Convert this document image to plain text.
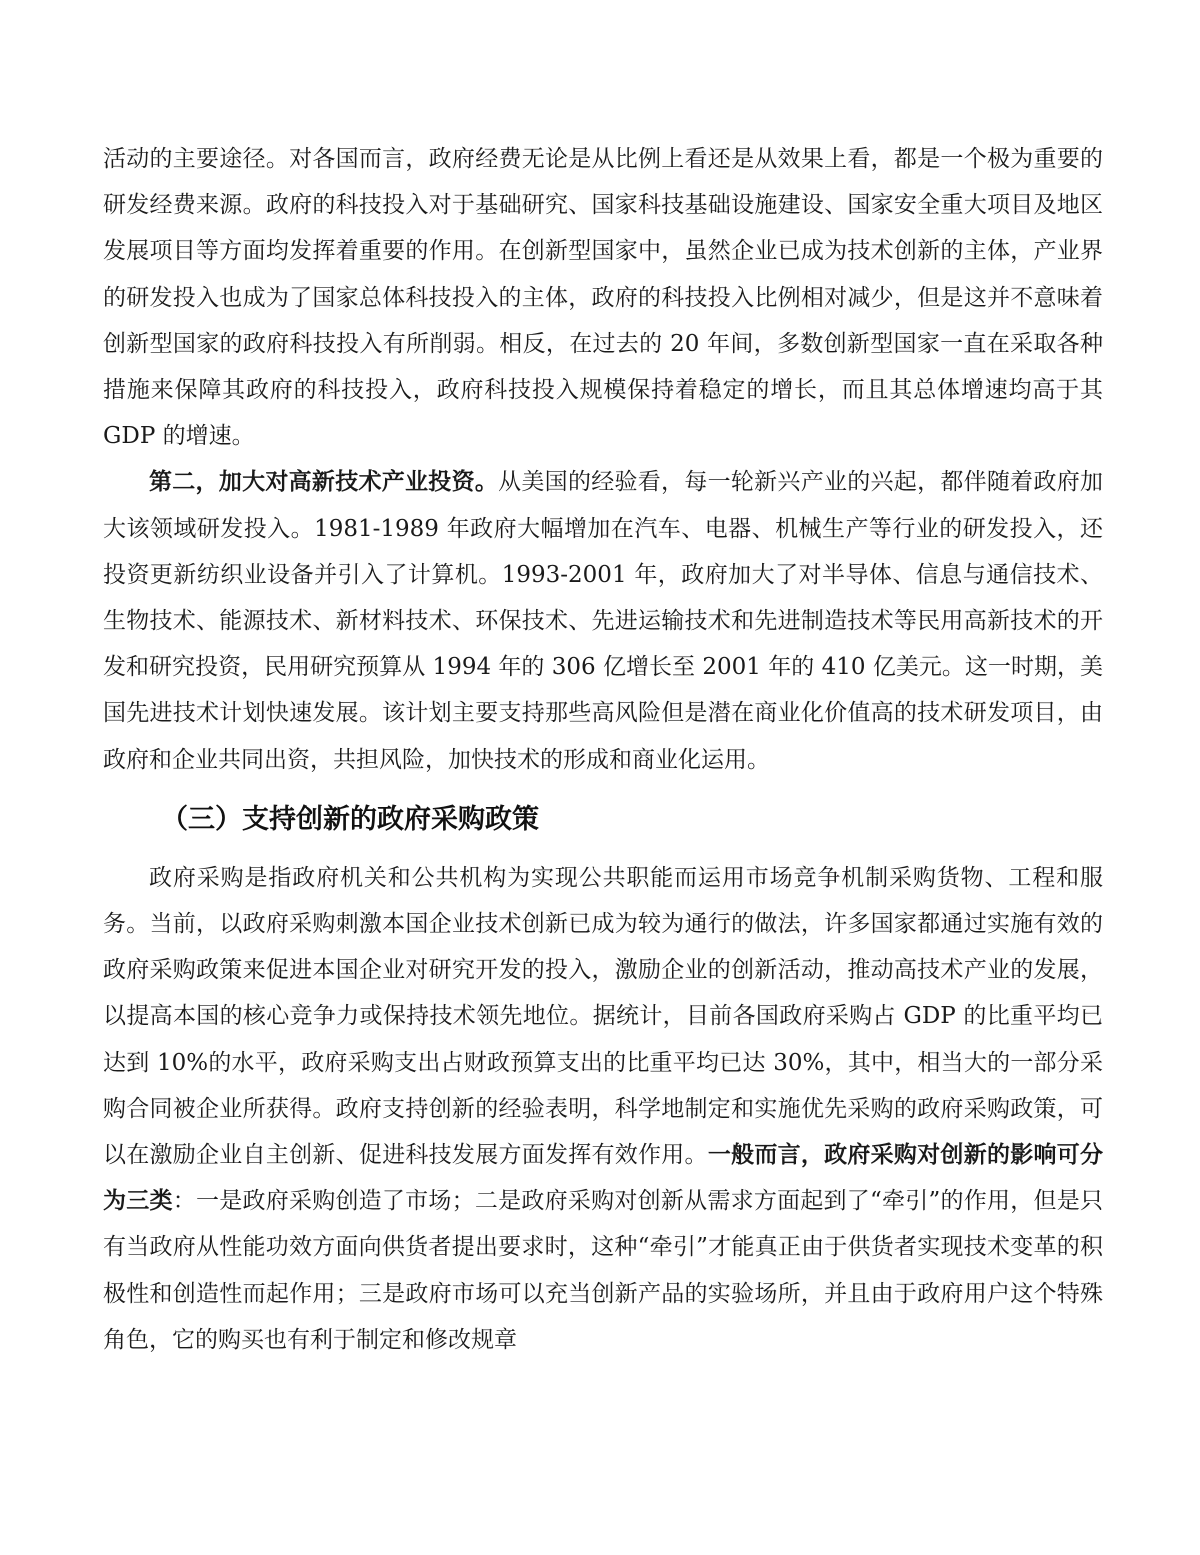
活动的主要途径。对各国而言，政府经费无论是从比例上看还是从效果上看，都是一个极为重要的研发经费来源。政府的科技投入对于基础研究、国家科技基础设施建设、国家安全重大项目及地区发展项目等方面均发挥着重要的作用。在创新型国家中，虽然企业已成为技术创新的主体，产业界的研发投入也成为了国家总体科技投入的主体，政府的科技投入比例相对减少，但是这并不意味着创新型国家的政府科技投入有所削弱。相反，在过去的 20 年间，多数创新型国家一直在采取各种措施来保障其政府的科技投入，政府科技投入规模保持着稳定的增长，而且其总体增速均高于其 GDP 的增速。

第二，加大对高新技术产业投资。从美国的经验看，每一轮新兴产业的兴起，都伴随着政府加大该领域研发投入。1981-1989 年政府大幅增加在汽车、电器、机械生产等行业的研发投入，还投资更新纺织业设备并引入了计算机。1993-2001 年，政府加大了对半导体、信息与通信技术、生物技术、能源技术、新材料技术、环保技术、先进运输技术和先进制造技术等民用高新技术的开发和研究投资，民用研究预算从 1994 年的 306 亿增长至 2001 年的 410 亿美元。这一时期，美国先进技术计划快速发展。该计划主要支持那些高风险但是潜在商业化价值高的技术研发项目，由政府和企业共同出资，共担风险，加快技术的形成和商业化运用。

（三）支持创新的政府采购政策

政府采购是指政府机关和公共机构为实现公共职能而运用市场竞争机制采购货物、工程和服务。当前，以政府采购刺激本国企业技术创新已成为较为通行的做法，许多国家都通过实施有效的政府采购政策来促进本国企业对研究开发的投入，激励企业的创新活动，推动高技术产业的发展，以提高本国的核心竞争力或保持技术领先地位。据统计，目前各国政府采购占 GDP 的比重平均已达到 10%的水平，政府采购支出占财政预算支出的比重平均已达 30%，其中，相当大的一部分采购合同被企业所获得。政府支持创新的经验表明，科学地制定和实施优先采购的政府采购政策，可以在激励企业自主创新、促进科技发展方面发挥有效作用。一般而言，政府采购对创新的影响可分为三类：一是政府采购创造了市场；二是政府采购对创新从需求方面起到了“牵引”的作用，但是只有当政府从性能功效方面向供货者提出要求时，这种“牵引”才能真正由于供货者实现技术变革的积极性和创造性而起作用；三是政府市场可以充当创新产品的实验场所，并且由于政府用户这个特殊角色，它的购买也有利于制定和修改规章
